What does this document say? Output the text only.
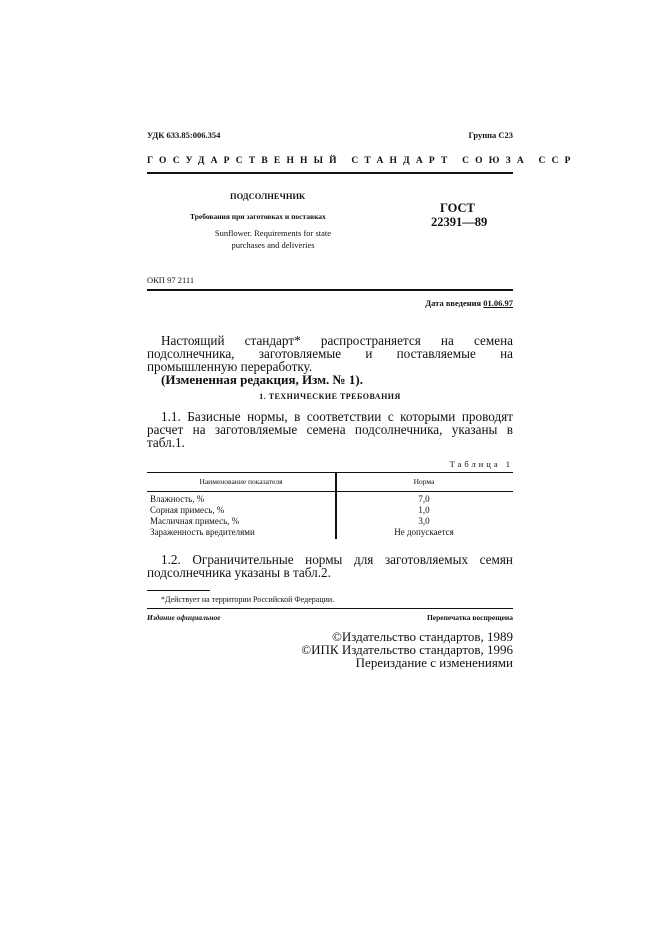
УДК 633.85:006.354	Группа С23
ГОСУДАРСТВЕННЫЙ СТАНДАРТ СОЮЗА ССР
ПОДСОЛНЕЧНИК
Требования при заготовках и поставках
Sunflower. Requirements for state
purchases and deliveries
ГОСТ
22391—89
ОКП 97 2111
Дата введения 01.06.97
Настоящий стандарт* распространяется на семена подсолнечника, заготовляемые и поставляемые на промышленную переработку.
(Измененная редакция, Изм. № 1).
1. ТЕХНИЧЕСКИЕ ТРЕБОВАНИЯ
1.1. Базисные нормы, в соответствии с которыми проводят расчет на заготовляемые семена подсолнечника, указаны в табл.1.
Таблица 1
Наименование показателя	Норма
Влажность, %	7,0
Сорная примесь, %	1,0
Масличная примесь, %	3,0
Зараженность вредителями	Не допускается
1.2. Ограничительные нормы для заготовляемых семян подсолнечника указаны в табл.2.
*Действует на территории Российской Федерации.
Издание официальное	Перепечатка воспрещена
©Издательство стандартов, 1989
©ИПК Издательство стандартов, 1996
Переиздание с изменениями
